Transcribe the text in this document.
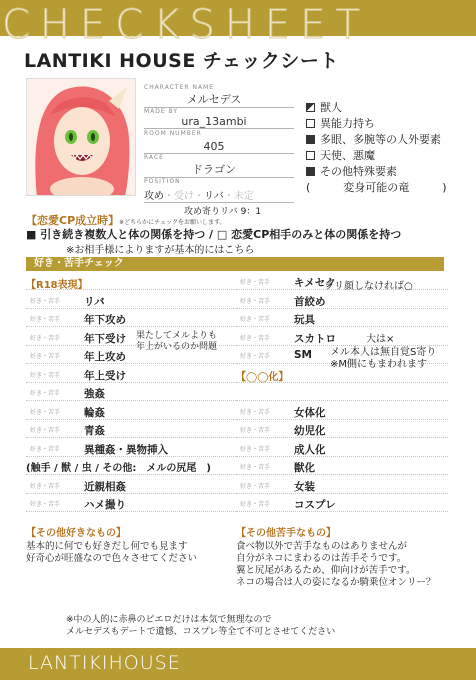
CHECKSHEET
LANTIKI HOUSE チェックシート
CHARACTER NAME
メルセデス
MADE BY
ura_13ambi
ROOM NUMBER
405
RACE
ドラゴン
POSITION
攻め・受け・リバ・未定
攻め寄りリバ 9：1
獣人
異能力持ち
多眼、多腕等の人外要素
天使、悪魔
その他特殊要素
(　　　変身可能の竜　　　)
【恋愛CP成立時】※どちらかにチェックをお願いします。
■ 引き続き複数人と体の関係を持つ / □ 恋愛CP相手のみと体の関係を持つ
※お相手様によりますが基本的にはこちら
好き・苦手チェック
【R18表現】
【◯◯化】
好き・苦手 リバ
好き・苦手 年下攻め
好き・苦手 年下受け
好き・苦手 年上攻め
好き・苦手 年上受け
好き・苦手 強姦
好き・苦手 輪姦
好き・苦手 青姦
好き・苦手 異種姦・異物挿入
好き・苦手 近親相姦
好き・苦手 ハメ撮り
好き・苦手 キメセク
好き・苦手 首絞め
好き・苦手 玩具
好き・苦手 スカトロ
好き・苦手 SM
好き・苦手 女体化
好き・苦手 幼児化
好き・苦手 成人化
好き・苦手 獣化
好き・苦手 女装
好き・苦手 コスプレ
果たしてメルよりも
年上がいるのか問題
(触手 / 獣 / 虫 / その他:　メルの尻尾　)
ラリ顔しなければ○
大は×
メル本人は無自覚S寄り
※M側にもまわれます
【その他好きなもの】
基本的に何でも好きだし何でも見ます
好奇心が旺盛なので色々させてください
【その他苦手なもの】
食べ物以外で苦手なものはありませんが
自分がネコにまわるのは苦手そうです。
翼と尻尾があるため、仰向けが苦手です。
ネコの場合は人の姿になるか騎乗位オンリー？
※中の人的に赤鼻のピエロだけは本気で無理なので
メルセデスもデートで遺憾、コスプレ等全て不可とさせてください
LANTIKIHOUSE
